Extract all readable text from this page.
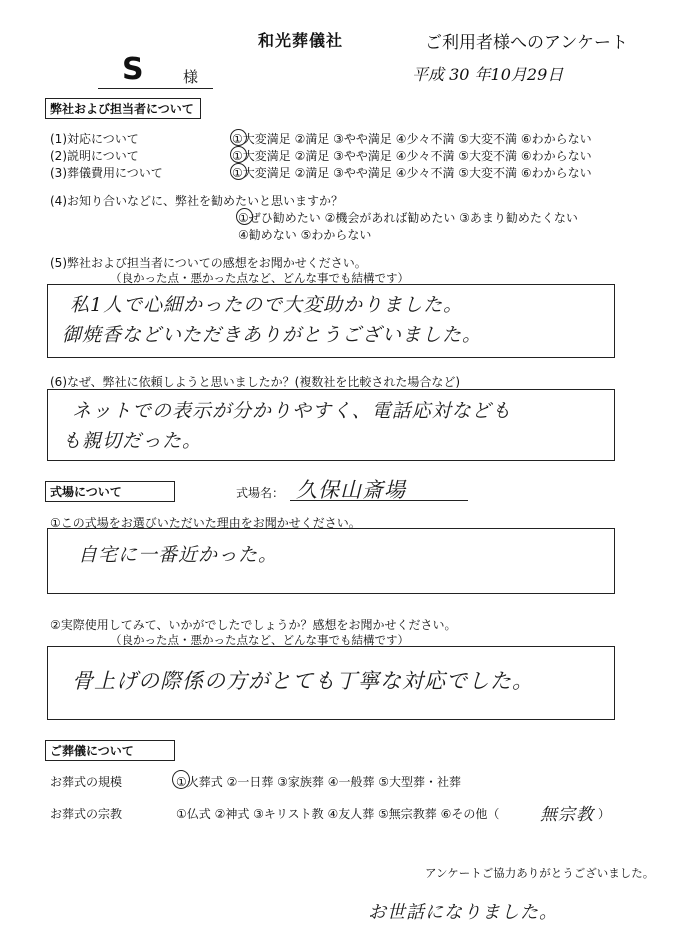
和光葬儀社	ご利用者様へのアンケート
S	様	平成 30 年10月29日
弊社および担当者について
(1)対応について	①大変満足 ②満足 ③やや満足 ④少々不満 ⑤大変不満 ⑥わからない
(2)説明について	①大変満足 ②満足 ③やや満足 ④少々不満 ⑤大変不満 ⑥わからない
(3)葬儀費用について	①大変満足 ②満足 ③やや満足 ④少々不満 ⑤大変不満 ⑥わからない
(4)お知り合いなどに、弊社を勧めたいと思いますか？
①ぜひ勧めたい ②機会があれば勧めたい ③あまり勧めたくない
④勧めない ⑤わからない
(5)弊社および担当者についての感想をお聞かせください。
（良かった点・悪かった点など、どんな事でも結構です）
私1人で心細かったので大変助かりました。
御焼香などいただきありがとうございました。
(6)なぜ、弊社に依頼しようと思いましたか？(複数社を比較された場合など)
ネットでの表示が分かりやすく、電話応対なども
も親切だった。
式場について	式場名： 久保山斎場
①この式場をお選びいただいた理由をお聞かせください。
自宅に一番近かった。
②実際使用してみて、いかがでしたでしょうか？感想をお聞かせください。
（良かった点・悪かった点など、どんな事でも結構です）
骨上げの際係の方がとても丁寧な対応でした。
ご葬儀について
お葬式の規模	①火葬式 ②一日葬 ③家族葬 ④一般葬 ⑤大型葬・社葬
お葬式の宗教	①仏式 ②神式 ③キリスト教 ④友人葬 ⑤無宗教葬 ⑥その他（ 無宗教 ）
アンケートご協力ありがとうございました。
お世話になりました。
